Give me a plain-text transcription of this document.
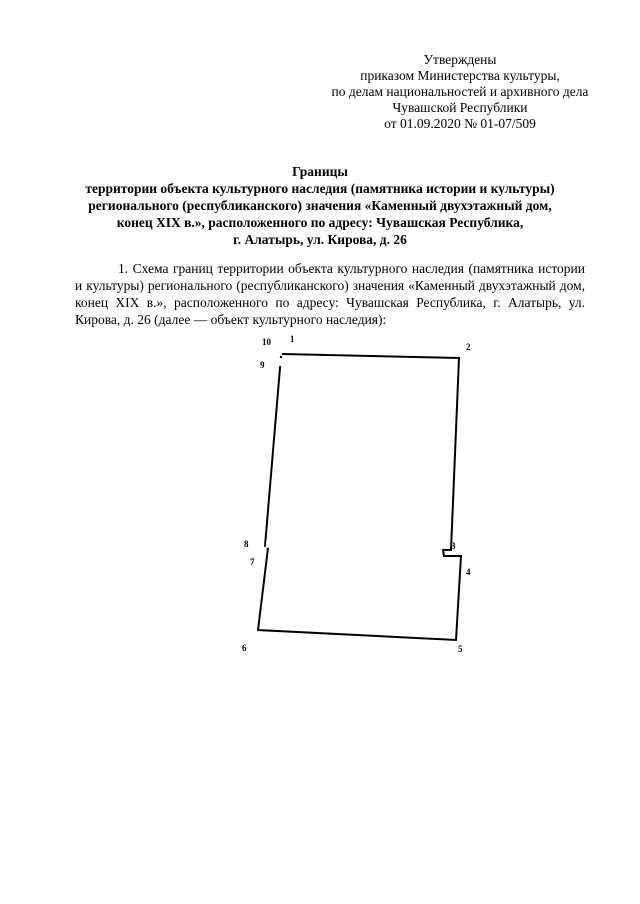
Утверждены
приказом Министерства культуры,
по делам национальностей и архивного дела
Чувашской Республики
от 01.09.2020 № 01-07/509
Границы
территории объекта культурного наследия (памятника истории и культуры)
регионального (республиканского) значения «Каменный двухэтажный дом,
конец XIX в.», расположенного по адресу: Чувашская Республика,
г. Алатырь, ул. Кирова, д. 26
1. Схема границ территории объекта культурного наследия (памятника истории и культуры) регионального (республиканского) значения «Каменный двухэтажный дом, конец XIX в.», расположенного по адресу: Чувашская Республика, г. Алатырь, ул. Кирова, д. 26 (далее — объект культурного наследия):
1
2
3
4
5
6
7
8
9
10
